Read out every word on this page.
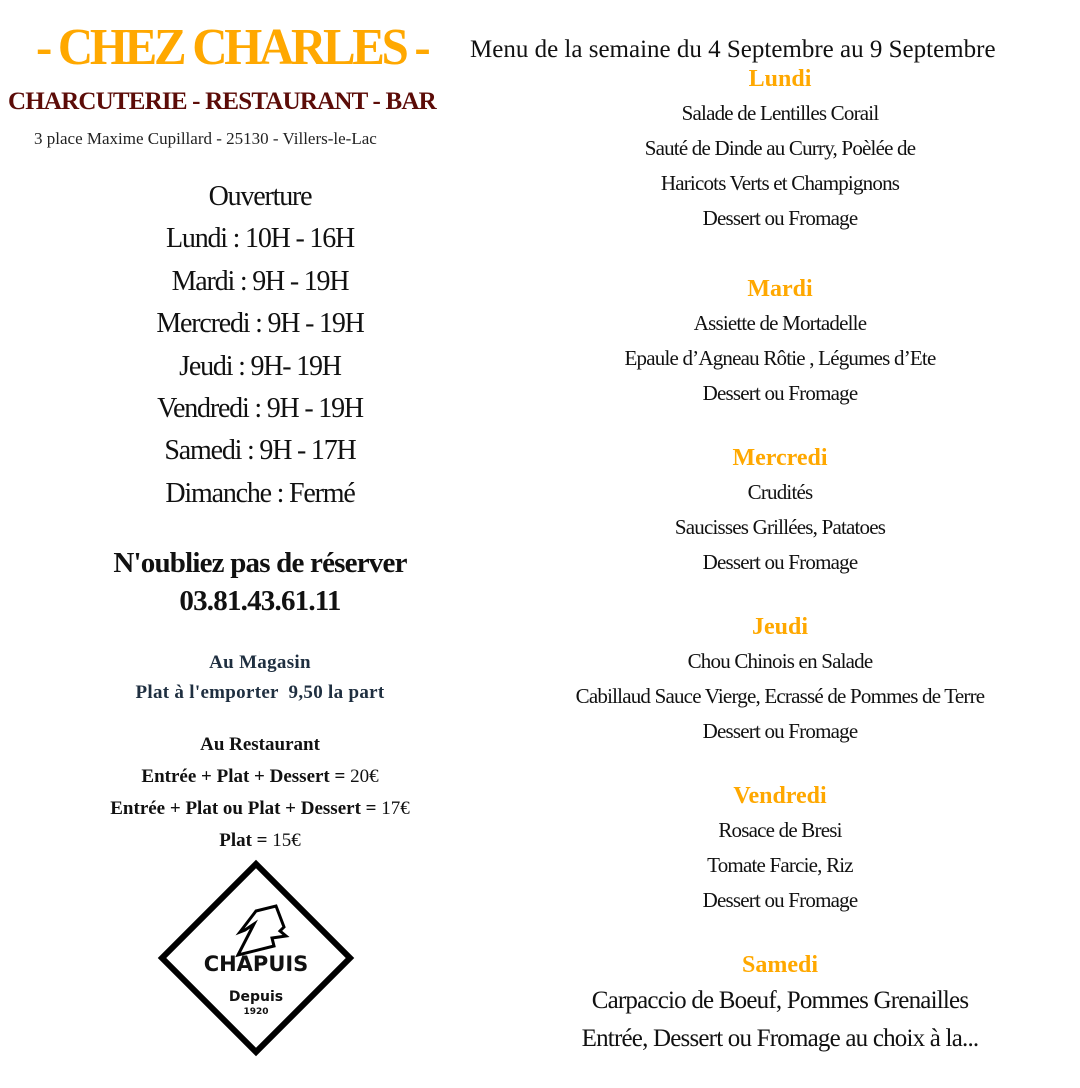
- CHEZ CHARLES - Menu de la semaine du 4 Septembre au 9 Septembre
CHARCUTERIE - RESTAURANT - BAR
3 place Maxime Cupillard - 25130 - Villers-le-Lac
Ouverture
Lundi : 10H - 16H
Mardi : 9H - 19H
Mercredi : 9H - 19H
Jeudi : 9H- 19H
Vendredi : 9H - 19H
Samedi : 9H - 17H
Dimanche : Fermé
N'oubliez pas de réserver
03.81.43.61.11
Au Magasin
Plat à l'emporter  9,50 la part
Au Restaurant
Entrée + Plat + Dessert = 20€
Entrée + Plat ou Plat + Dessert = 17€
Plat = 15€
CHAPUIS
Depuis
1920
Lundi
Salade de Lentilles Corail
Sauté de Dinde au Curry, Poèlée de
Haricots Verts et Champignons
Dessert ou Fromage
Mardi
Assiette de Mortadelle
Epaule d’Agneau Rôtie , Légumes d’Ete
Dessert ou Fromage
Mercredi
Crudités
Saucisses Grillées, Patatoes
Dessert ou Fromage
Jeudi
Chou Chinois en Salade
Cabillaud Sauce Vierge, Ecrassé de Pommes de Terre
Dessert ou Fromage
Vendredi
Rosace de Bresi
Tomate Farcie, Riz
Dessert ou Fromage
Samedi
Carpaccio de Boeuf, Pommes Grenailles
Entrée, Dessert ou Fromage au choix à la...
